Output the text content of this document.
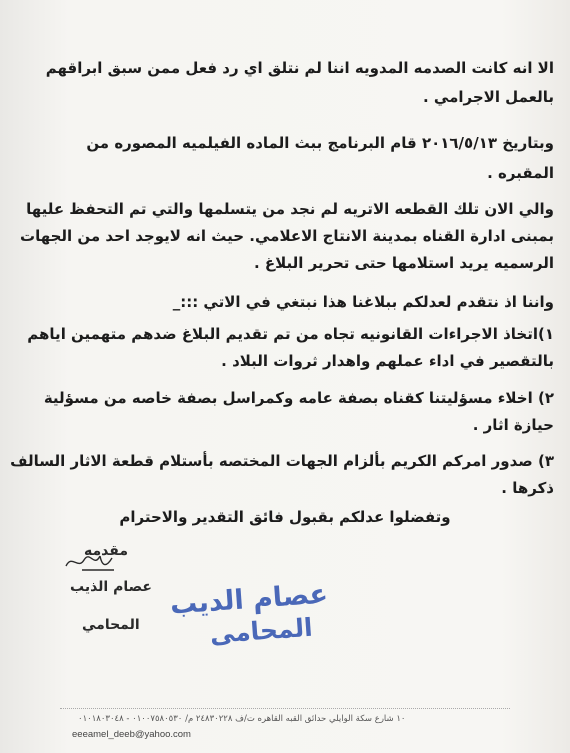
الا انه كانت الصدمه المدويه اننا لم نتلق اي رد فعل ممن سبق ابراقهم
بالعمل الاجرامي .
وبتاريخ ٢٠١٦/٥/١٣ قام البرنامج ببث الماده الفيلميه المصوره من
المقبره .
والي الان تلك القطعه الاتريه لم نجد من يتسلمها والتي تم التحفظ عليها
بمبنى ادارة القناه بمدينة الانتاج الاعلامي. حيث انه لايوجد احد من الجهات
الرسميه يريد استلامها حتى تحرير البلاغ .
واننا اذ نتقدم لعدلكم ببلاغنا هذا نبتغي في الاتي :::_
١)اتخاذ الاجراءات القانونيه تجاه من تم تقديم البلاغ ضدهم متهمين اياهم
بالتقصير في اداء عملهم واهدار ثروات البلاد .
٢) اخلاء مسؤليتنا كقناه بصفة عامه وكمراسل بصفة خاصه من مسؤلية
حيازة اثار .
٣) صدور امركم الكريم بألزام الجهات المختصه بأستلام قطعة الاثار السالف
ذكرها .
وتفضلوا عدلكم بقبول فائق التقدير والاحترام
مقدمه
عصام الذيب
المحامي
عصام الديب
المحامى
١٠ شارع سكة الوايلي حدائق القبه القاهره ت/ف ٢٤٨٣٠٢٢٨ م/ ٠١٠٠٧٥٨٠٥٣٠ - ٠١٠١٨٠٣٠٤٨
eeeamel_deeb@yahoo.com
